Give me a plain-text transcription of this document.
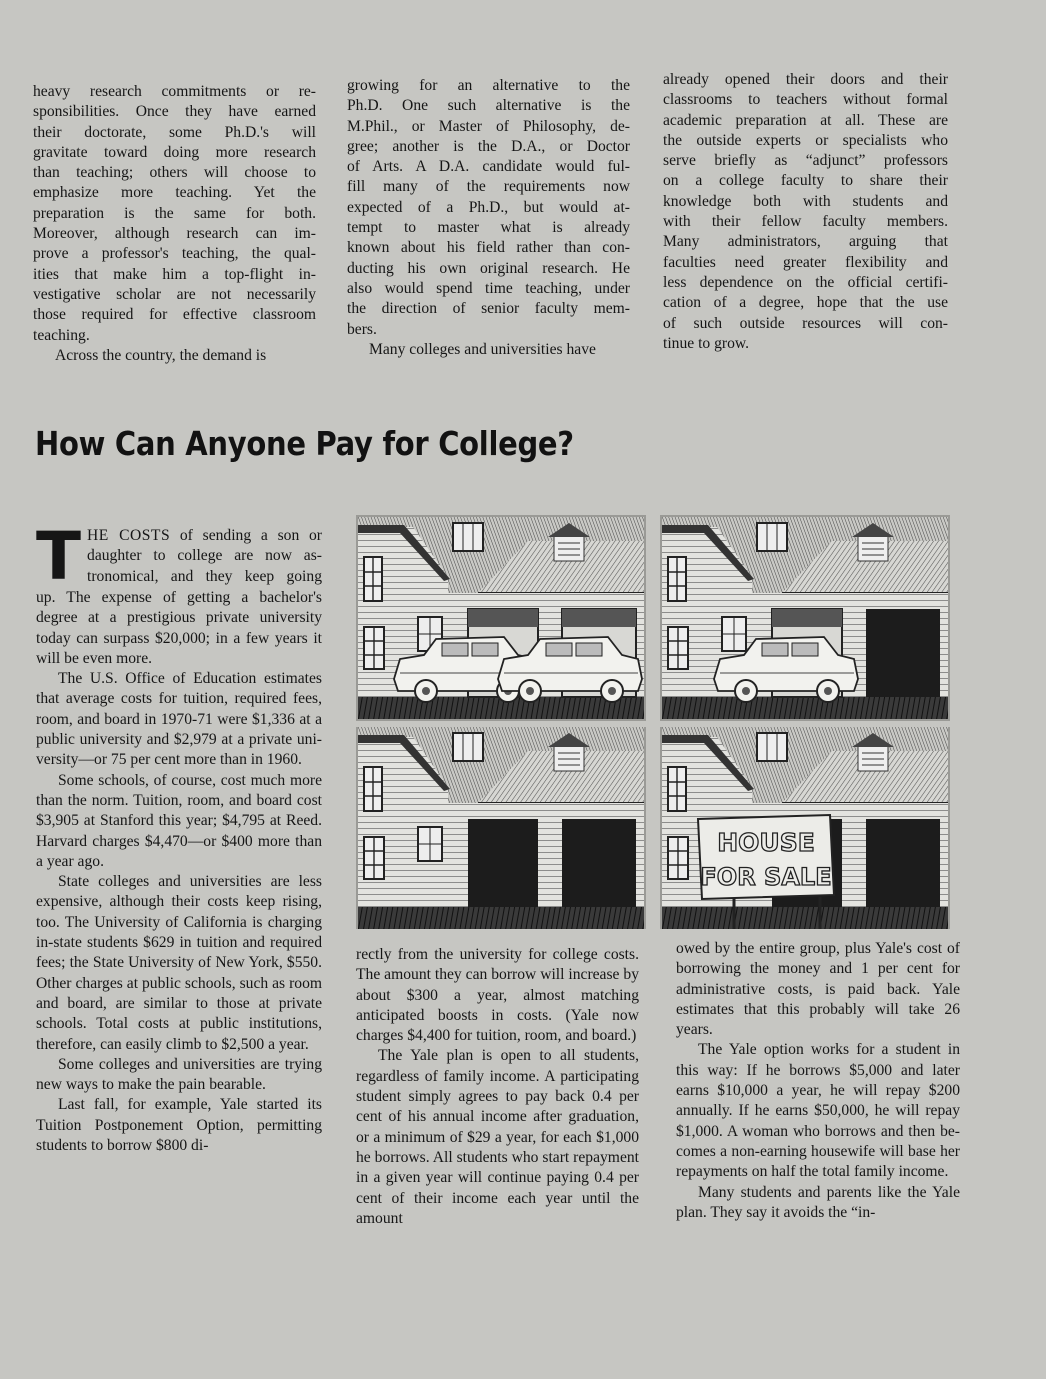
heavy research commitments or re-
sponsibilities. Once they have earned
their doctorate, some Ph.D.'s will
gravitate toward doing more research
than teaching; others will choose to
emphasize more teaching. Yet the
preparation is the same for both.
Moreover, although research can im-
prove a professor's teaching, the qual-
ities that make him a top-flight in-
vestigative scholar are not necessarily
those required for effective classroom
teaching.

Across the country, the demand is

growing for an alternative to the
Ph.D. One such alternative is the
M.Phil., or Master of Philosophy, de-
gree; another is the D.A., or Doctor
of Arts. A D.A. candidate would ful-
fill many of the requirements now
expected of a Ph.D., but would at-
tempt to master what is already
known about his field rather than con-
ducting his own original research. He
also would spend time teaching, under
the direction of senior faculty mem-
bers.

Many colleges and universities have

already opened their doors and their
classrooms to teachers without formal
academic preparation at all. These are
the outside experts or specialists who
serve briefly as “adjunct” professors
on a college faculty to share their
knowledge both with students and
with their fellow faculty members.
Many administrators, arguing that
faculties need greater flexibility and
less dependence on the official certifi-
cation of a degree, hope that the use
of such outside resources will con-
tinue to grow.

How Can Anyone Pay for College?
T HE COSTS of sending a son or
daughter to college are now as-
tronomical, and they keep going

up. The expense of getting a bachelor's degree at a prestigious private university today can surpass $20,000; in a few years it will be even more.

The U.S. Office of Education estimates that average costs for tuition, required fees, room, and board in 1970-71 were $1,336 at a public university and $2,979 at a private university—or 75 per cent more than in 1960.

Some schools, of course, cost much more than the norm. Tuition, room, and board cost $3,905 at Stanford this year; $4,795 at Reed. Harvard charges $4,470—or $400 more than a year ago.

State colleges and universities are less expensive, although their costs keep rising, too. The University of California is charging in-state students $629 in tuition and required fees; the State University of New York, $550. Other charges at public schools, such as room and board, are similar to those at private schools. Total costs at public institutions, therefore, can easily climb to $2,500 a year.

Some colleges and universities are trying new ways to make the pain bearable.

Last fall, for example, Yale started its Tuition Postponement Option, permitting students to borrow $800 di-

HOUSE
FOR SALE

rectly from the university for college costs. The amount they can borrow will increase by about $300 a year, almost matching anticipated boosts in costs. (Yale now charges $4,400 for tuition, room, and board.)

The Yale plan is open to all students, regardless of family income. A participating student simply agrees to pay back 0.4 per cent of his annual income after graduation, or a minimum of $29 a year, for each $1,000 he borrows. All students who start repayment in a given year will continue paying 0.4 per cent of their income each year until the amount

owed by the entire group, plus Yale's cost of borrowing the money and 1 per cent for administrative costs, is paid back. Yale estimates that this probably will take 26 years.

The Yale option works for a student in this way: If he borrows $5,000 and later earns $10,000 a year, he will repay $200 annually. If he earns $50,000, he will repay $1,000. A woman who borrows and then becomes a non-earning housewife will base her repayments on half the total family income.

Many students and parents like the Yale plan. They say it avoids the “in-
